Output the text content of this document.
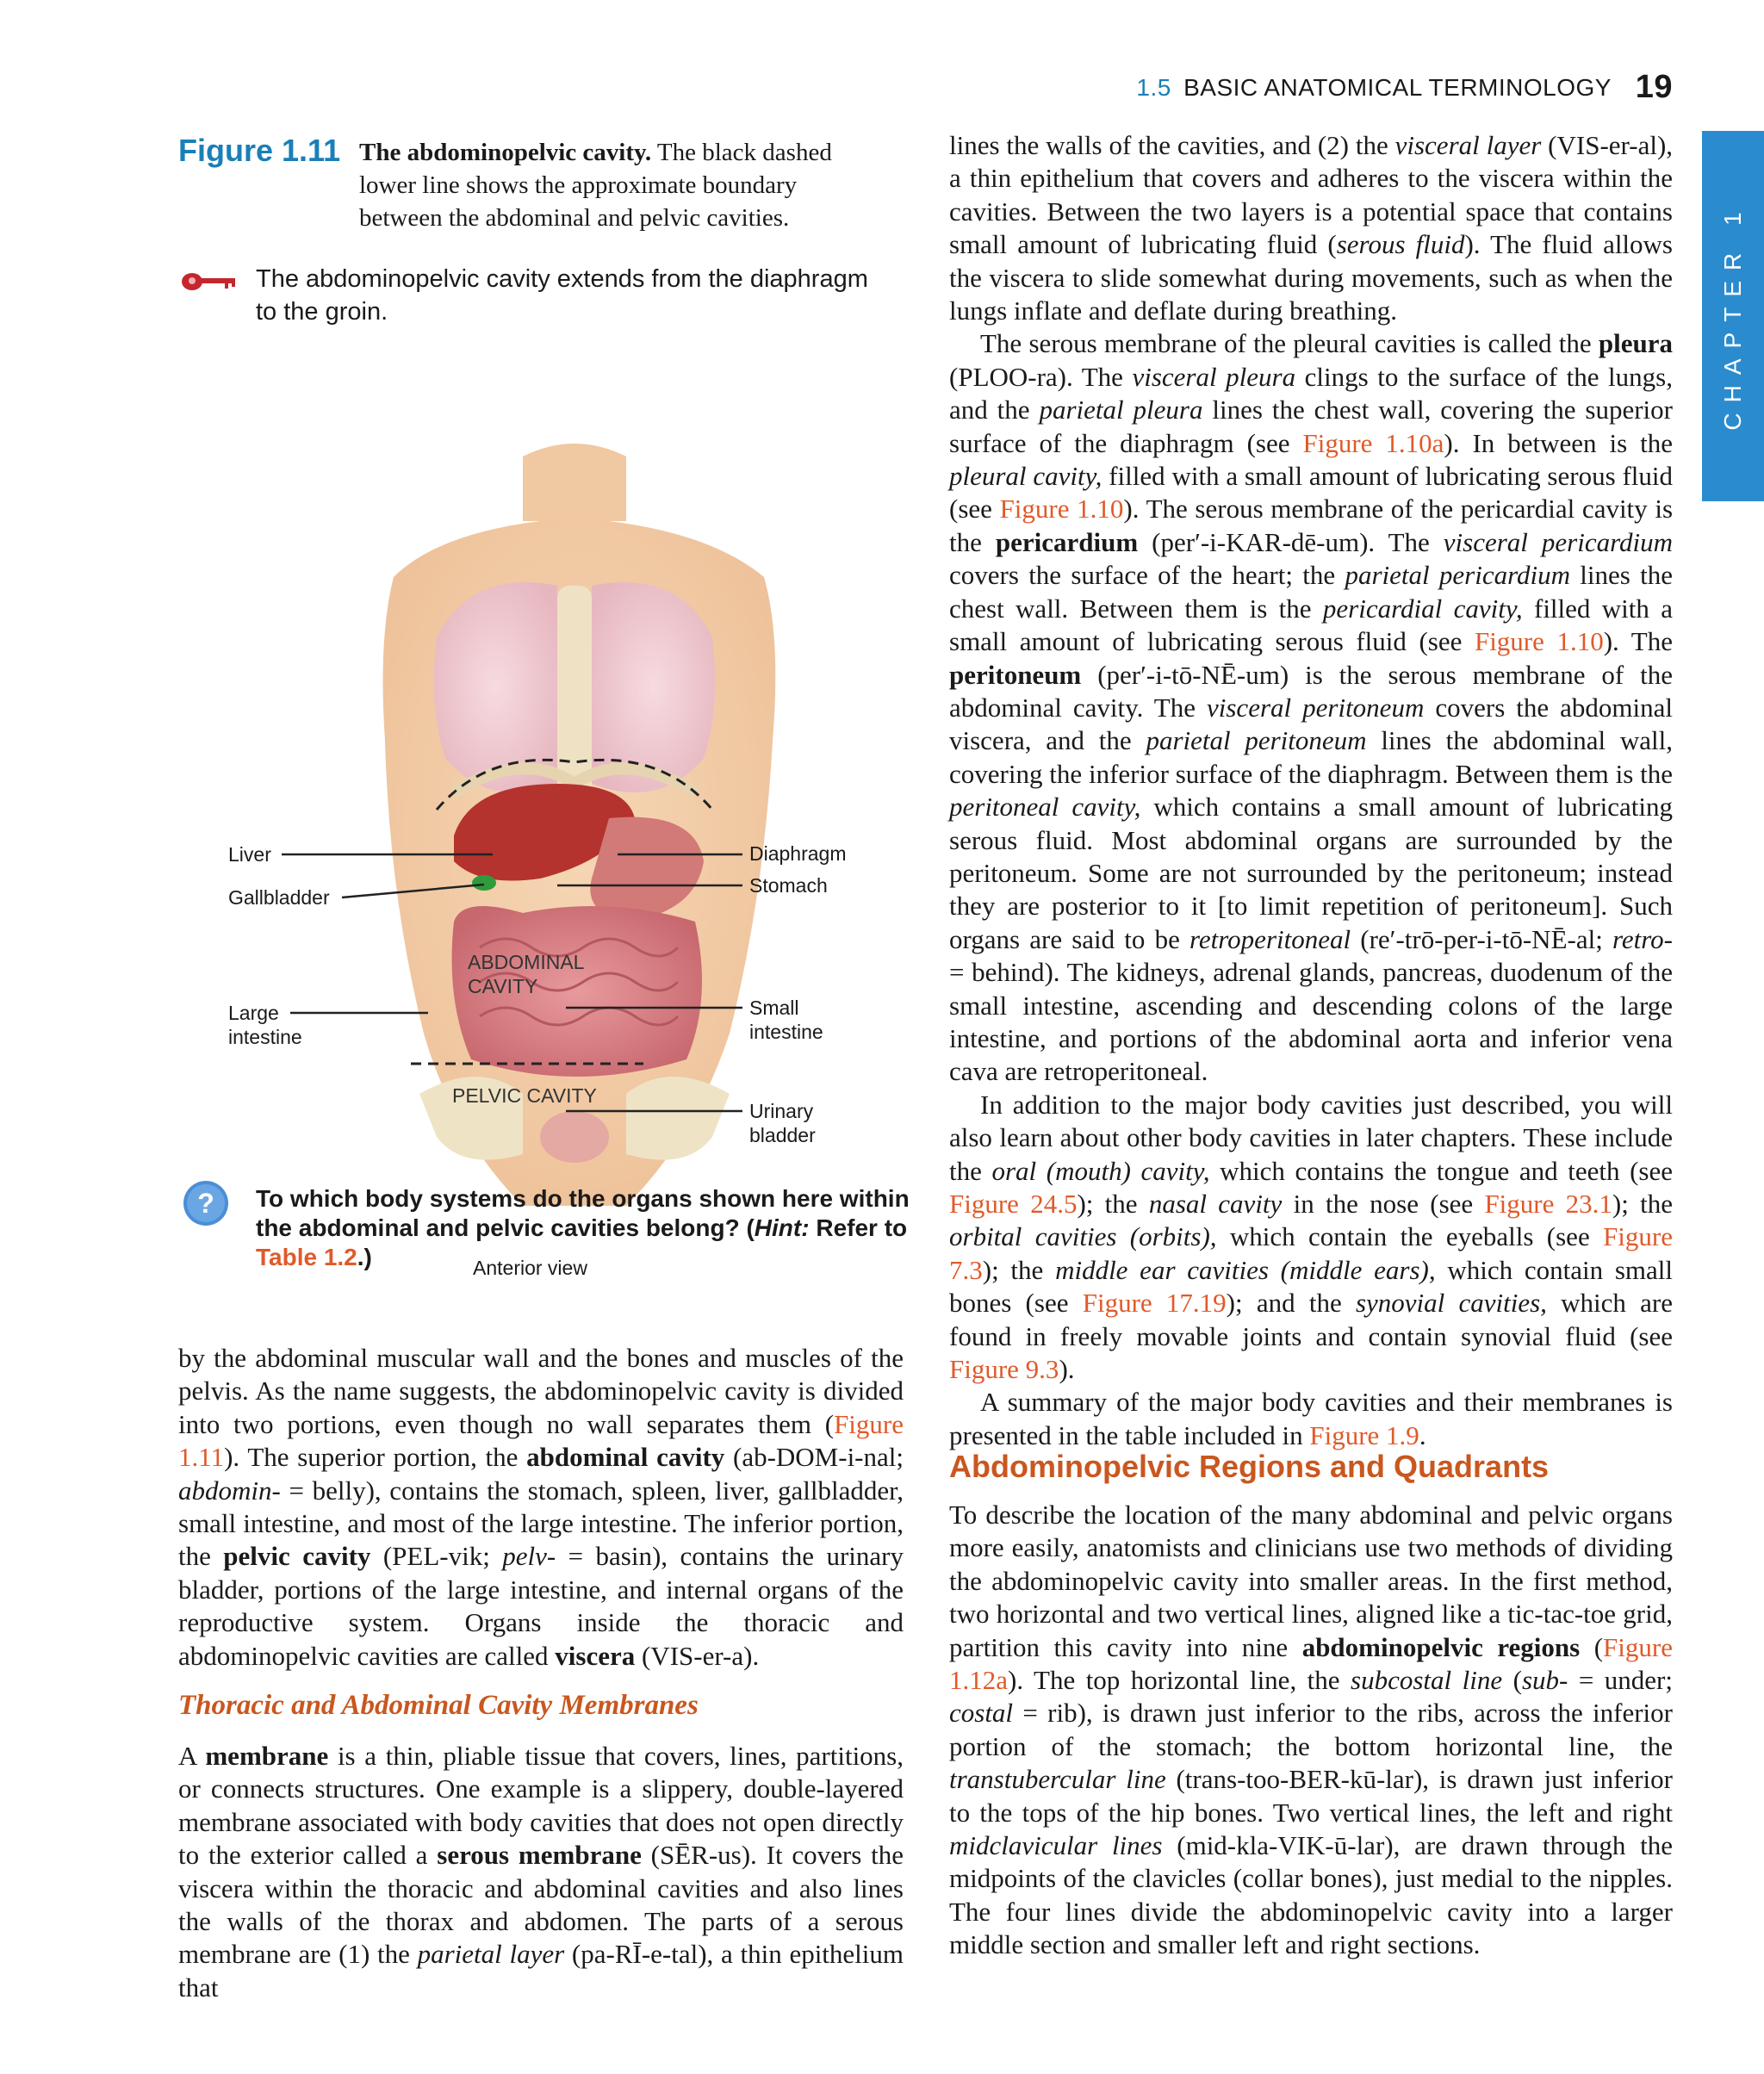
1.5 BASIC ANATOMICAL TERMINOLOGY 19
CHAPTER 1
Figure 1.11 The abdominopelvic cavity. The black dashed lower line shows the approximate boundary between the abdominal and pelvic cavities.
The abdominopelvic cavity extends from the diaphragm to the groin.
Liver
Gallbladder
Large intestine
Diaphragm
Stomach
Small intestine
Urinary bladder
ABDOMINAL CAVITY
PELVIC CAVITY
Anterior view
? To which body systems do the organs shown here within the abdominal and pelvic cavities belong? (Hint: Refer to Table 1.2.)

by the abdominal muscular wall and the bones and muscles of the pelvis. As the name suggests, the abdominopelvic cavity is divided into two portions, even though no wall separates them (Figure 1.11). The superior portion, the abdominal cavity (ab-DOM-i-nal; abdomin- = belly), contains the stomach, spleen, liver, gallbladder, small intestine, and most of the large intestine. The inferior portion, the pelvic cavity (PEL-vik; pelv- = basin), contains the urinary bladder, portions of the large intestine, and internal organs of the reproductive system. Organs inside the thoracic and abdominopelvic cavities are called viscera (VIS-er-a).

Thoracic and Abdominal Cavity Membranes

A membrane is a thin, pliable tissue that covers, lines, partitions, or connects structures. One example is a slippery, double-layered membrane associated with body cavities that does not open directly to the exterior called a serous membrane (SĒR-us). It covers the viscera within the thoracic and abdominal cavities and also lines the walls of the thorax and abdomen. The parts of a serous membrane are (1) the parietal layer (pa-RĪ-e-tal), a thin epithelium that

lines the walls of the cavities, and (2) the visceral layer (VIS-er-al), a thin epithelium that covers and adheres to the viscera within the cavities. Between the two layers is a potential space that contains small amount of lubricating fluid (serous fluid). The fluid allows the viscera to slide somewhat during movements, such as when the lungs inflate and deflate during breathing.

The serous membrane of the pleural cavities is called the pleura (PLOO-ra). The visceral pleura clings to the surface of the lungs, and the parietal pleura lines the chest wall, covering the superior surface of the diaphragm (see Figure 1.10a). In between is the pleural cavity, filled with a small amount of lubricating serous fluid (see Figure 1.10). The serous membrane of the pericardial cavity is the pericardium (per′-i-KAR-dē-um). The visceral pericardium covers the surface of the heart; the parietal pericardium lines the chest wall. Between them is the pericardial cavity, filled with a small amount of lubricating serous fluid (see Figure 1.10). The peritoneum (per′-i-tō-NĒ-um) is the serous membrane of the abdominal cavity. The visceral peritoneum covers the abdominal viscera, and the parietal peritoneum lines the abdominal wall, covering the inferior surface of the diaphragm. Between them is the peritoneal cavity, which contains a small amount of lubricating serous fluid. Most abdominal organs are surrounded by the peritoneum. Some are not surrounded by the peritoneum; instead they are posterior to it [to limit repetition of peritoneum]. Such organs are said to be retroperitoneal (re′-trō-per-i-tō-NĒ-al; retro- = behind). The kidneys, adrenal glands, pancreas, duodenum of the small intestine, ascending and descending colons of the large intestine, and portions of the abdominal aorta and inferior vena cava are retroperitoneal.

In addition to the major body cavities just described, you will also learn about other body cavities in later chapters. These include the oral (mouth) cavity, which contains the tongue and teeth (see Figure 24.5); the nasal cavity in the nose (see Figure 23.1); the orbital cavities (orbits), which contain the eyeballs (see Figure 7.3); the middle ear cavities (middle ears), which contain small bones (see Figure 17.19); and the synovial cavities, which are found in freely movable joints and contain synovial fluid (see Figure 9.3).

A summary of the major body cavities and their membranes is presented in the table included in Figure 1.9.

Abdominopelvic Regions and Quadrants

To describe the location of the many abdominal and pelvic organs more easily, anatomists and clinicians use two methods of dividing the abdominopelvic cavity into smaller areas. In the first method, two horizontal and two vertical lines, aligned like a tic-tac-toe grid, partition this cavity into nine abdominopelvic regions (Figure 1.12a). The top horizontal line, the subcostal line (sub- = under; costal = rib), is drawn just inferior to the ribs, across the inferior portion of the stomach; the bottom horizontal line, the transtubercular line (trans-too-BER-kū-lar), is drawn just inferior to the tops of the hip bones. Two vertical lines, the left and right midclavicular lines (mid-kla-VIK-ū-lar), are drawn through the midpoints of the clavicles (collar bones), just medial to the nipples. The four lines divide the abdominopelvic cavity into a larger middle section and smaller left and right sections.
